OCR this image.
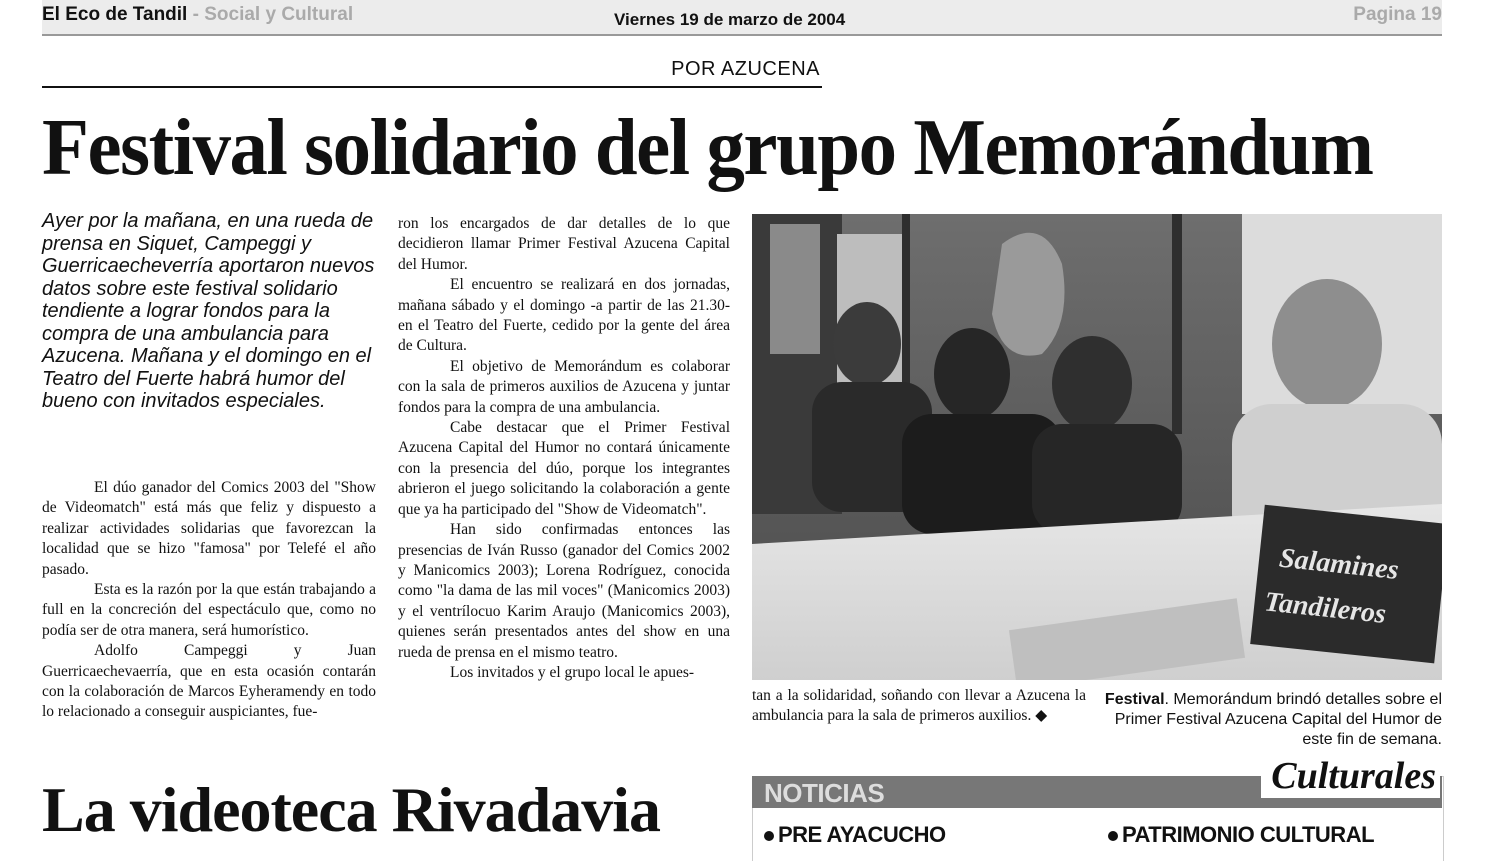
El Eco de Tandil - Social y Cultural	Viernes 19 de marzo de 2004	Pagina 19
POR AZUCENA
Festival solidario del grupo Memorándum
Ayer por la mañana, en una rueda de prensa en Siquet, Campeggi y Guerricaecheverría aportaron nuevos datos sobre este festival solidario tendiente a lograr fondos para la compra de una ambulancia para Azucena. Mañana y el domingo en el Teatro del Fuerte habrá humor del bueno con invitados especiales.

El dúo ganador del Comics 2003 del "Show de Videomatch" está más que feliz y dispuesto a realizar actividades solidarias que favorezcan la localidad que se hizo "famosa" por Telefé el año pasado.

Esta es la razón por la que están trabajando a full en la concreción del espectáculo que, como no podía ser de otra manera, será humorístico.

Adolfo Campeggi y Juan Guerricaechevaerría, que en esta ocasión contarán con la colaboración de Marcos Eyheramendy en todo lo relacionado a conseguir auspiciantes, fue-

ron los encargados de dar detalles de lo que decidieron llamar Primer Festival Azucena Capital del Humor.

El encuentro se realizará en dos jornadas, mañana sábado y el domingo -a partir de las 21.30- en el Teatro del Fuerte, cedido por la gente del área de Cultura.

El objetivo de Memorándum es colaborar con la sala de primeros auxilios de Azucena y juntar fondos para la compra de una ambulancia.

Cabe destacar que el Primer Festival Azucena Capital del Humor no contará únicamente con la presencia del dúo, porque los integrantes abrieron el juego solicitando la colaboración a gente que ya ha participado del "Show de Videomatch".

Han sido confirmadas entonces las presencias de Iván Russo (ganador del Comics 2002 y Manicomics 2003); Lorena Rodríguez, conocida como "la dama de las mil voces" (Manicomics 2003) y el ventrílocuo Karim Araujo (Manicomics 2003), quienes serán presentados antes del show en una rueda de prensa en el mismo teatro.

Los invitados y el grupo local le apues-

Salamines
Tandileros
tan a la solidaridad, soñando con llevar a Azucena la ambulancia para la sala de primeros auxilios. ◆
Festival. Memorándum brindó detalles sobre el Primer Festival Azucena Capital del Humor de este fin de semana.
La videoteca Rivadavia	NOTICIAS	Culturales
PRE AYACUCHO	PATRIMONIO CULTURAL
